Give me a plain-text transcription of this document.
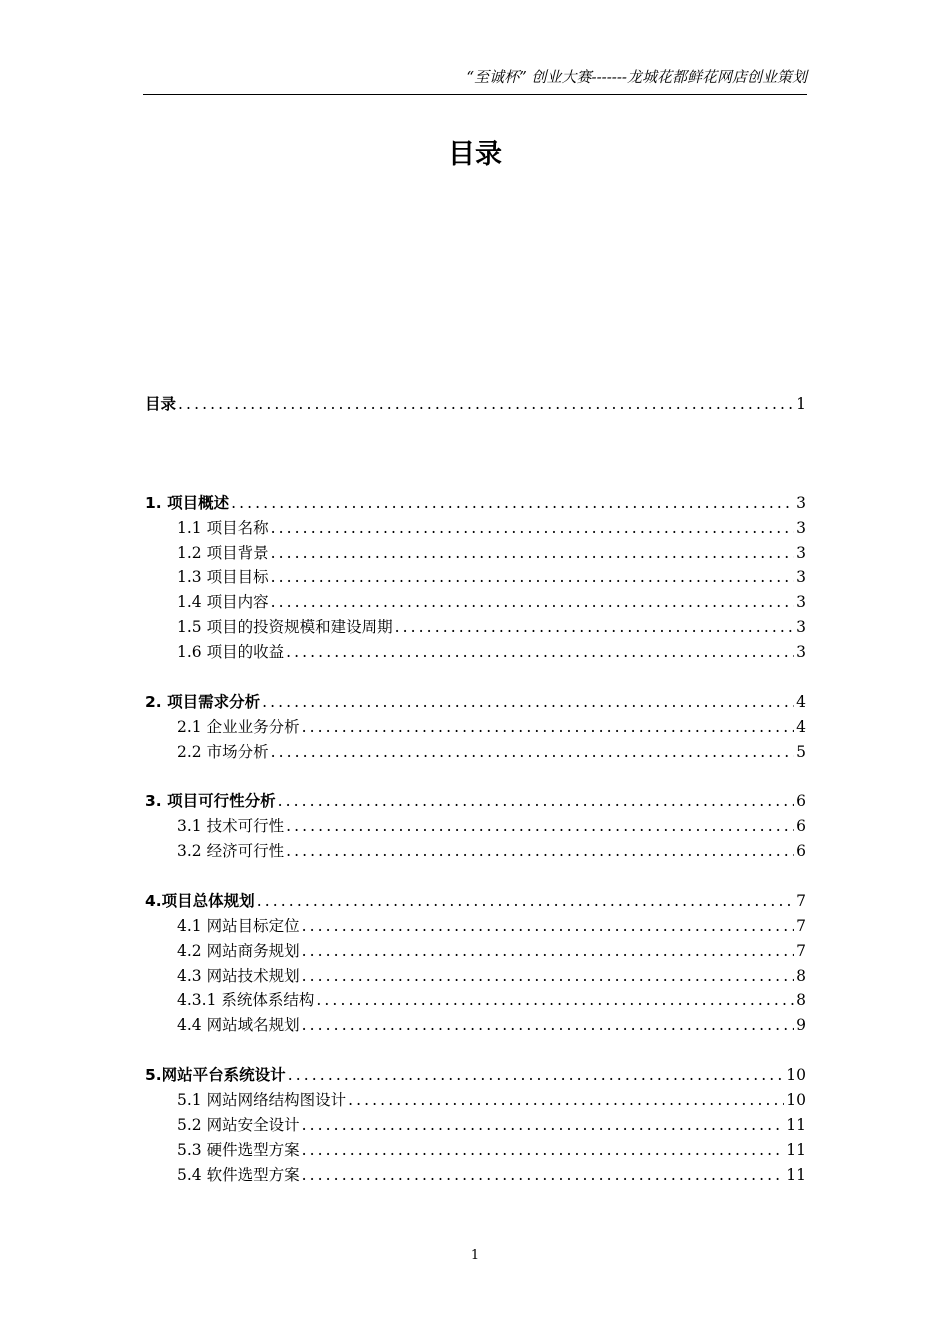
“至诚杯” 创业大赛-------龙城花都鲜花网店创业策划
目录
目录 .....	1
1. 项目概述 .....	3
1.1 项目名称 .....	3
1.2 项目背景 .....	3
1.3 项目目标 .....	3
1.4 项目内容 .....	3
1.5 项目的投资规模和建设周期 .....	3
1.6 项目的收益 .....	3
2. 项目需求分析 .....	4
2.1 企业业务分析 .....	4
2.2 市场分析 .....	5
3. 项目可行性分析 .....	6
3.1 技术可行性 .....	6
3.2 经济可行性 .....	6
4.项目总体规划 .....	7
4.1 网站目标定位 .....	7
4.2 网站商务规划 .....	7
4.3 网站技术规划 .....	8
4.3.1 系统体系结构 .....	8
4.4 网站域名规划 .....	9
5.网站平台系统设计 .....	10
5.1 网站网络结构图设计 .....	10
5.2 网站安全设计 .....	11
5.3 硬件选型方案 .....	11
5.4 软件选型方案 .....	11
1
